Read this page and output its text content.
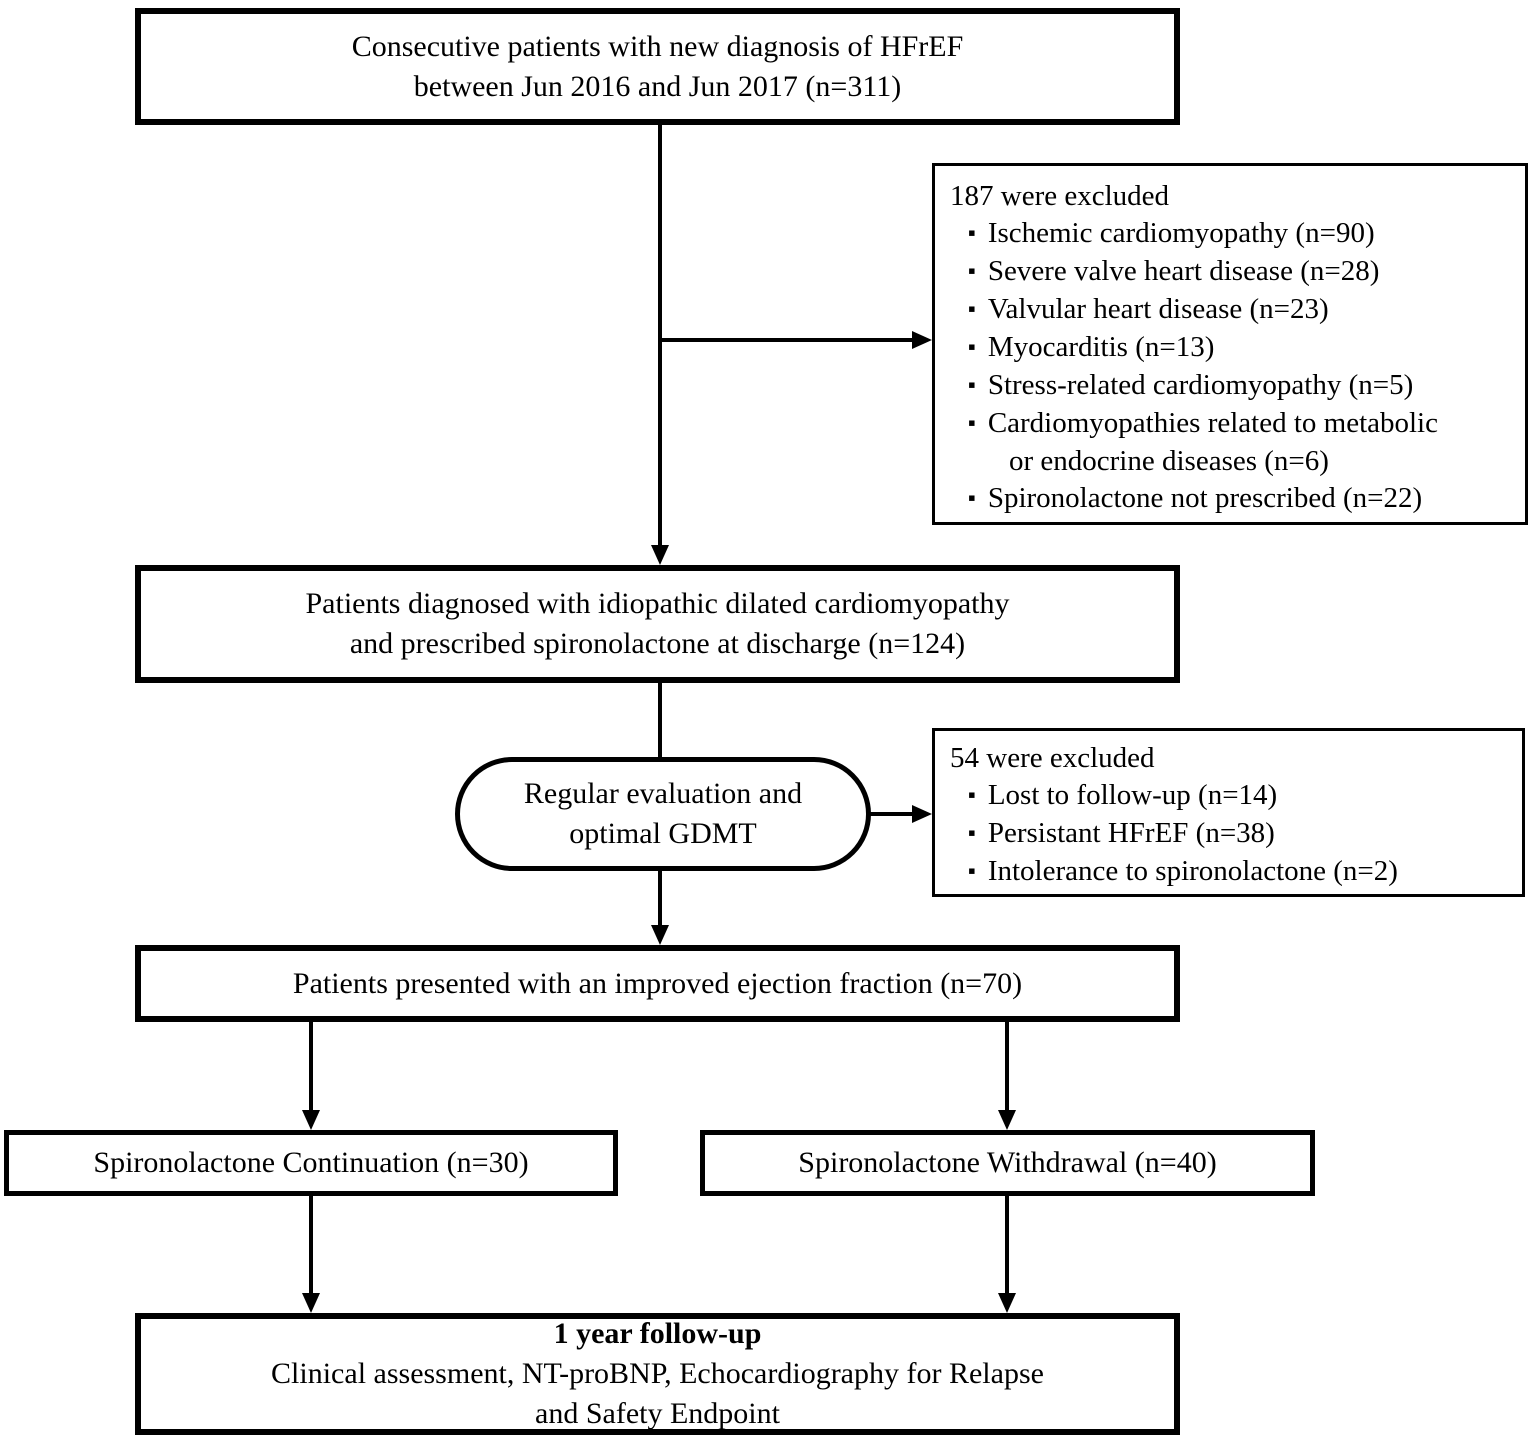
Consecutive patients with new diagnosis of HFrEF
between Jun 2016 and Jun 2017 (n=311)
187 were excluded
▪ Ischemic cardiomyopathy (n=90)
▪ Severe valve heart disease (n=28)
▪ Valvular heart disease (n=23)
▪ Myocarditis (n=13)
▪ Stress-related cardiomyopathy (n=5)
▪ Cardiomyopathies related to metabolic
or endocrine diseases (n=6)
▪ Spironolactone not prescribed (n=22)
Patients diagnosed with idiopathic dilated cardiomyopathy
and prescribed spironolactone at discharge (n=124)
Regular evaluation and
optimal GDMT
54 were excluded
▪ Lost to follow-up (n=14)
▪ Persistant HFrEF (n=38)
▪ Intolerance to spironolactone (n=2)
Patients presented with an improved ejection fraction (n=70)
Spironolactone Continuation (n=30)	Spironolactone Withdrawal (n=40)
1 year follow-up
Clinical assessment, NT-proBNP, Echocardiography for Relapse
and Safety Endpoint
